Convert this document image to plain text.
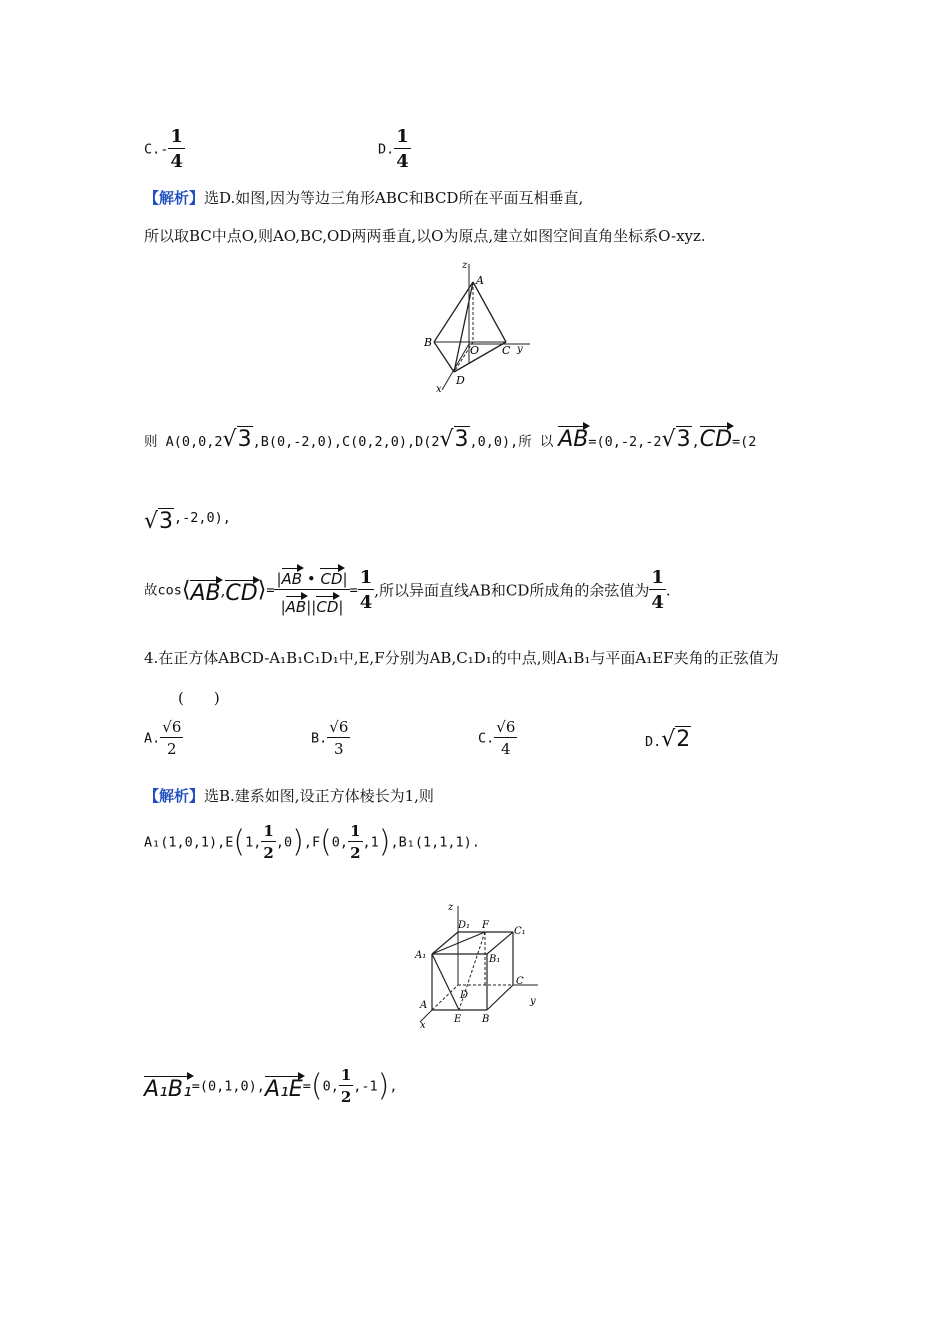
$C.- \frac{1}{4}$	D. $\frac{1}{4}$
【解析】选D.如图,因为等边三角形ABC和BCD所在平面互相垂直,
所以取BC中点O,则AO,BC,OD两两垂直,以O为原点,建立如图空间直角坐标系O-xyz.
z
A
B
O C y
D
x
则 A(0,0,2√3,B(0,-2,0),C(0,2,0),D(2√3,0,0),所 以 AB=(0,-2,-2√3,CD=(2
√3,-2,0),
故cos⟨AB,CD⟩= $\frac{|AB • CD|}{|AB||CD|} = \frac{1}{4}$ ,所以异面直线AB和CD所成角的余弦值为 $\frac{1}{4}$ .
4.在正方体ABCD-A₁B₁C₁D₁中,E,F分别为AB,C₁D₁的中点,则A₁B₁与平面A₁EF夹角的正弦值为
(　　)
A. $\frac{√6}{2}$	B. $\frac{√6}{3}$	C. $\frac{√6}{4}$	D.√2
【解析】选B.建系如图,设正方体棱长为1,则
A₁(1,0,1),E(1, $\frac{1}{2} ,0),F(0$, $\frac{1}{2} ,1),B_1(1,1,1)$.
z
D₁ F
C₁
A₁	B₁
D
C
y
A
E B
x
A₁B₁=(0,1,0),A₁E=(0, $\frac{1}{2} ,-1$),
